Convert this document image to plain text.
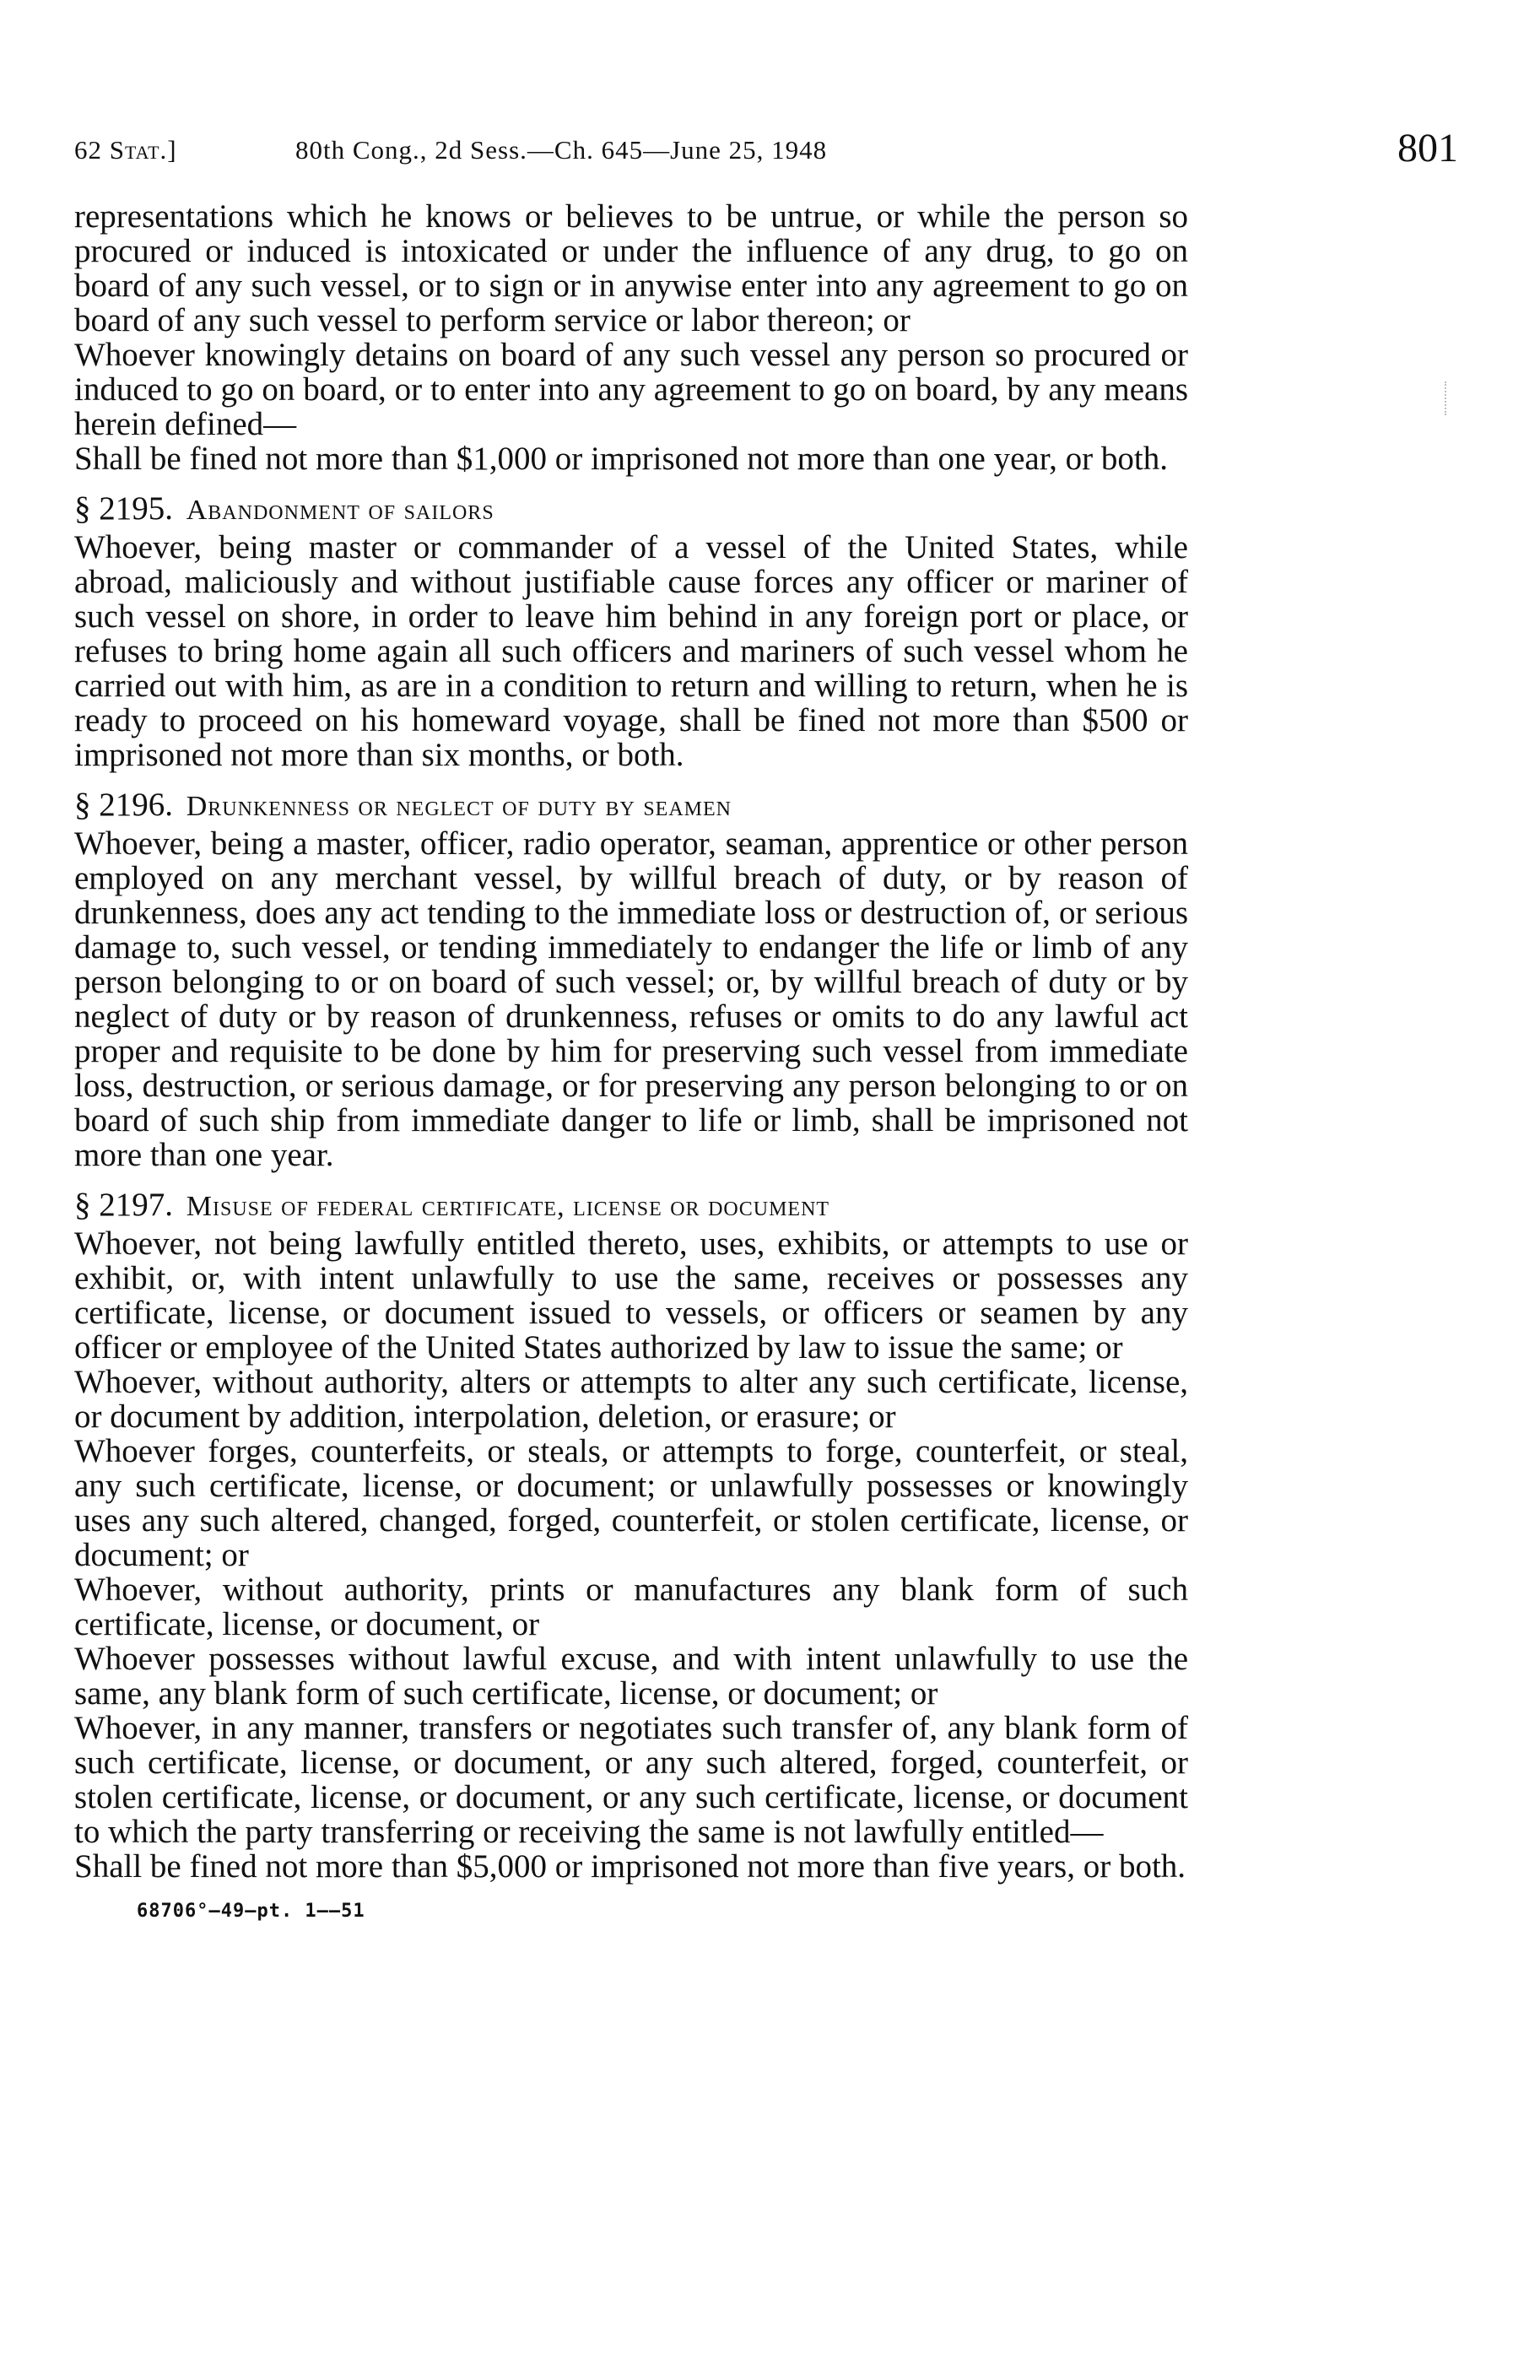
62 Stat.]	80th Cong., 2d Sess.—Ch. 645—June 25, 1948	801

representations which he knows or believes to be untrue, or while the person so procured or induced is intoxicated or under the influence of any drug, to go on board of any such vessel, or to sign or in anywise enter into any agreement to go on board of any such vessel to perform service or labor thereon; or

Whoever knowingly detains on board of any such vessel any person so procured or induced to go on board, or to enter into any agreement to go on board, by any means herein defined—

Shall be fined not more than $1,000 or imprisoned not more than one year, or both.

§ 2195. Abandonment of sailors

Whoever, being master or commander of a vessel of the United States, while abroad, maliciously and without justifiable cause forces any officer or mariner of such vessel on shore, in order to leave him behind in any foreign port or place, or refuses to bring home again all such officers and mariners of such vessel whom he carried out with him, as are in a condition to return and willing to return, when he is ready to proceed on his homeward voyage, shall be fined not more than $500 or imprisoned not more than six months, or both.

§ 2196. Drunkenness or neglect of duty by seamen

Whoever, being a master, officer, radio operator, seaman, apprentice or other person employed on any merchant vessel, by willful breach of duty, or by reason of drunkenness, does any act tending to the immediate loss or destruction of, or serious damage to, such vessel, or tending immediately to endanger the life or limb of any person belonging to or on board of such vessel; or, by willful breach of duty or by neglect of duty or by reason of drunkenness, refuses or omits to do any lawful act proper and requisite to be done by him for preserving such vessel from immediate loss, destruction, or serious damage, or for preserving any person belonging to or on board of such ship from immediate danger to life or limb, shall be imprisoned not more than one year.

§ 2197. Misuse of federal certificate, license or document

Whoever, not being lawfully entitled thereto, uses, exhibits, or attempts to use or exhibit, or, with intent unlawfully to use the same, receives or possesses any certificate, license, or document issued to vessels, or officers or seamen by any officer or employee of the United States authorized by law to issue the same; or

Whoever, without authority, alters or attempts to alter any such certificate, license, or document by addition, interpolation, deletion, or erasure; or

Whoever forges, counterfeits, or steals, or attempts to forge, counterfeit, or steal, any such certificate, license, or document; or unlawfully possesses or knowingly uses any such altered, changed, forged, counterfeit, or stolen certificate, license, or document; or

Whoever, without authority, prints or manufactures any blank form of such certificate, license, or document, or

Whoever possesses without lawful excuse, and with intent unlawfully to use the same, any blank form of such certificate, license, or document; or

Whoever, in any manner, transfers or negotiates such transfer of, any blank form of such certificate, license, or document, or any such altered, forged, counterfeit, or stolen certificate, license, or document, or any such certificate, license, or document to which the party transferring or receiving the same is not lawfully entitled—

Shall be fined not more than $5,000 or imprisoned not more than five years, or both.

68706°—49—pt. 1——51
